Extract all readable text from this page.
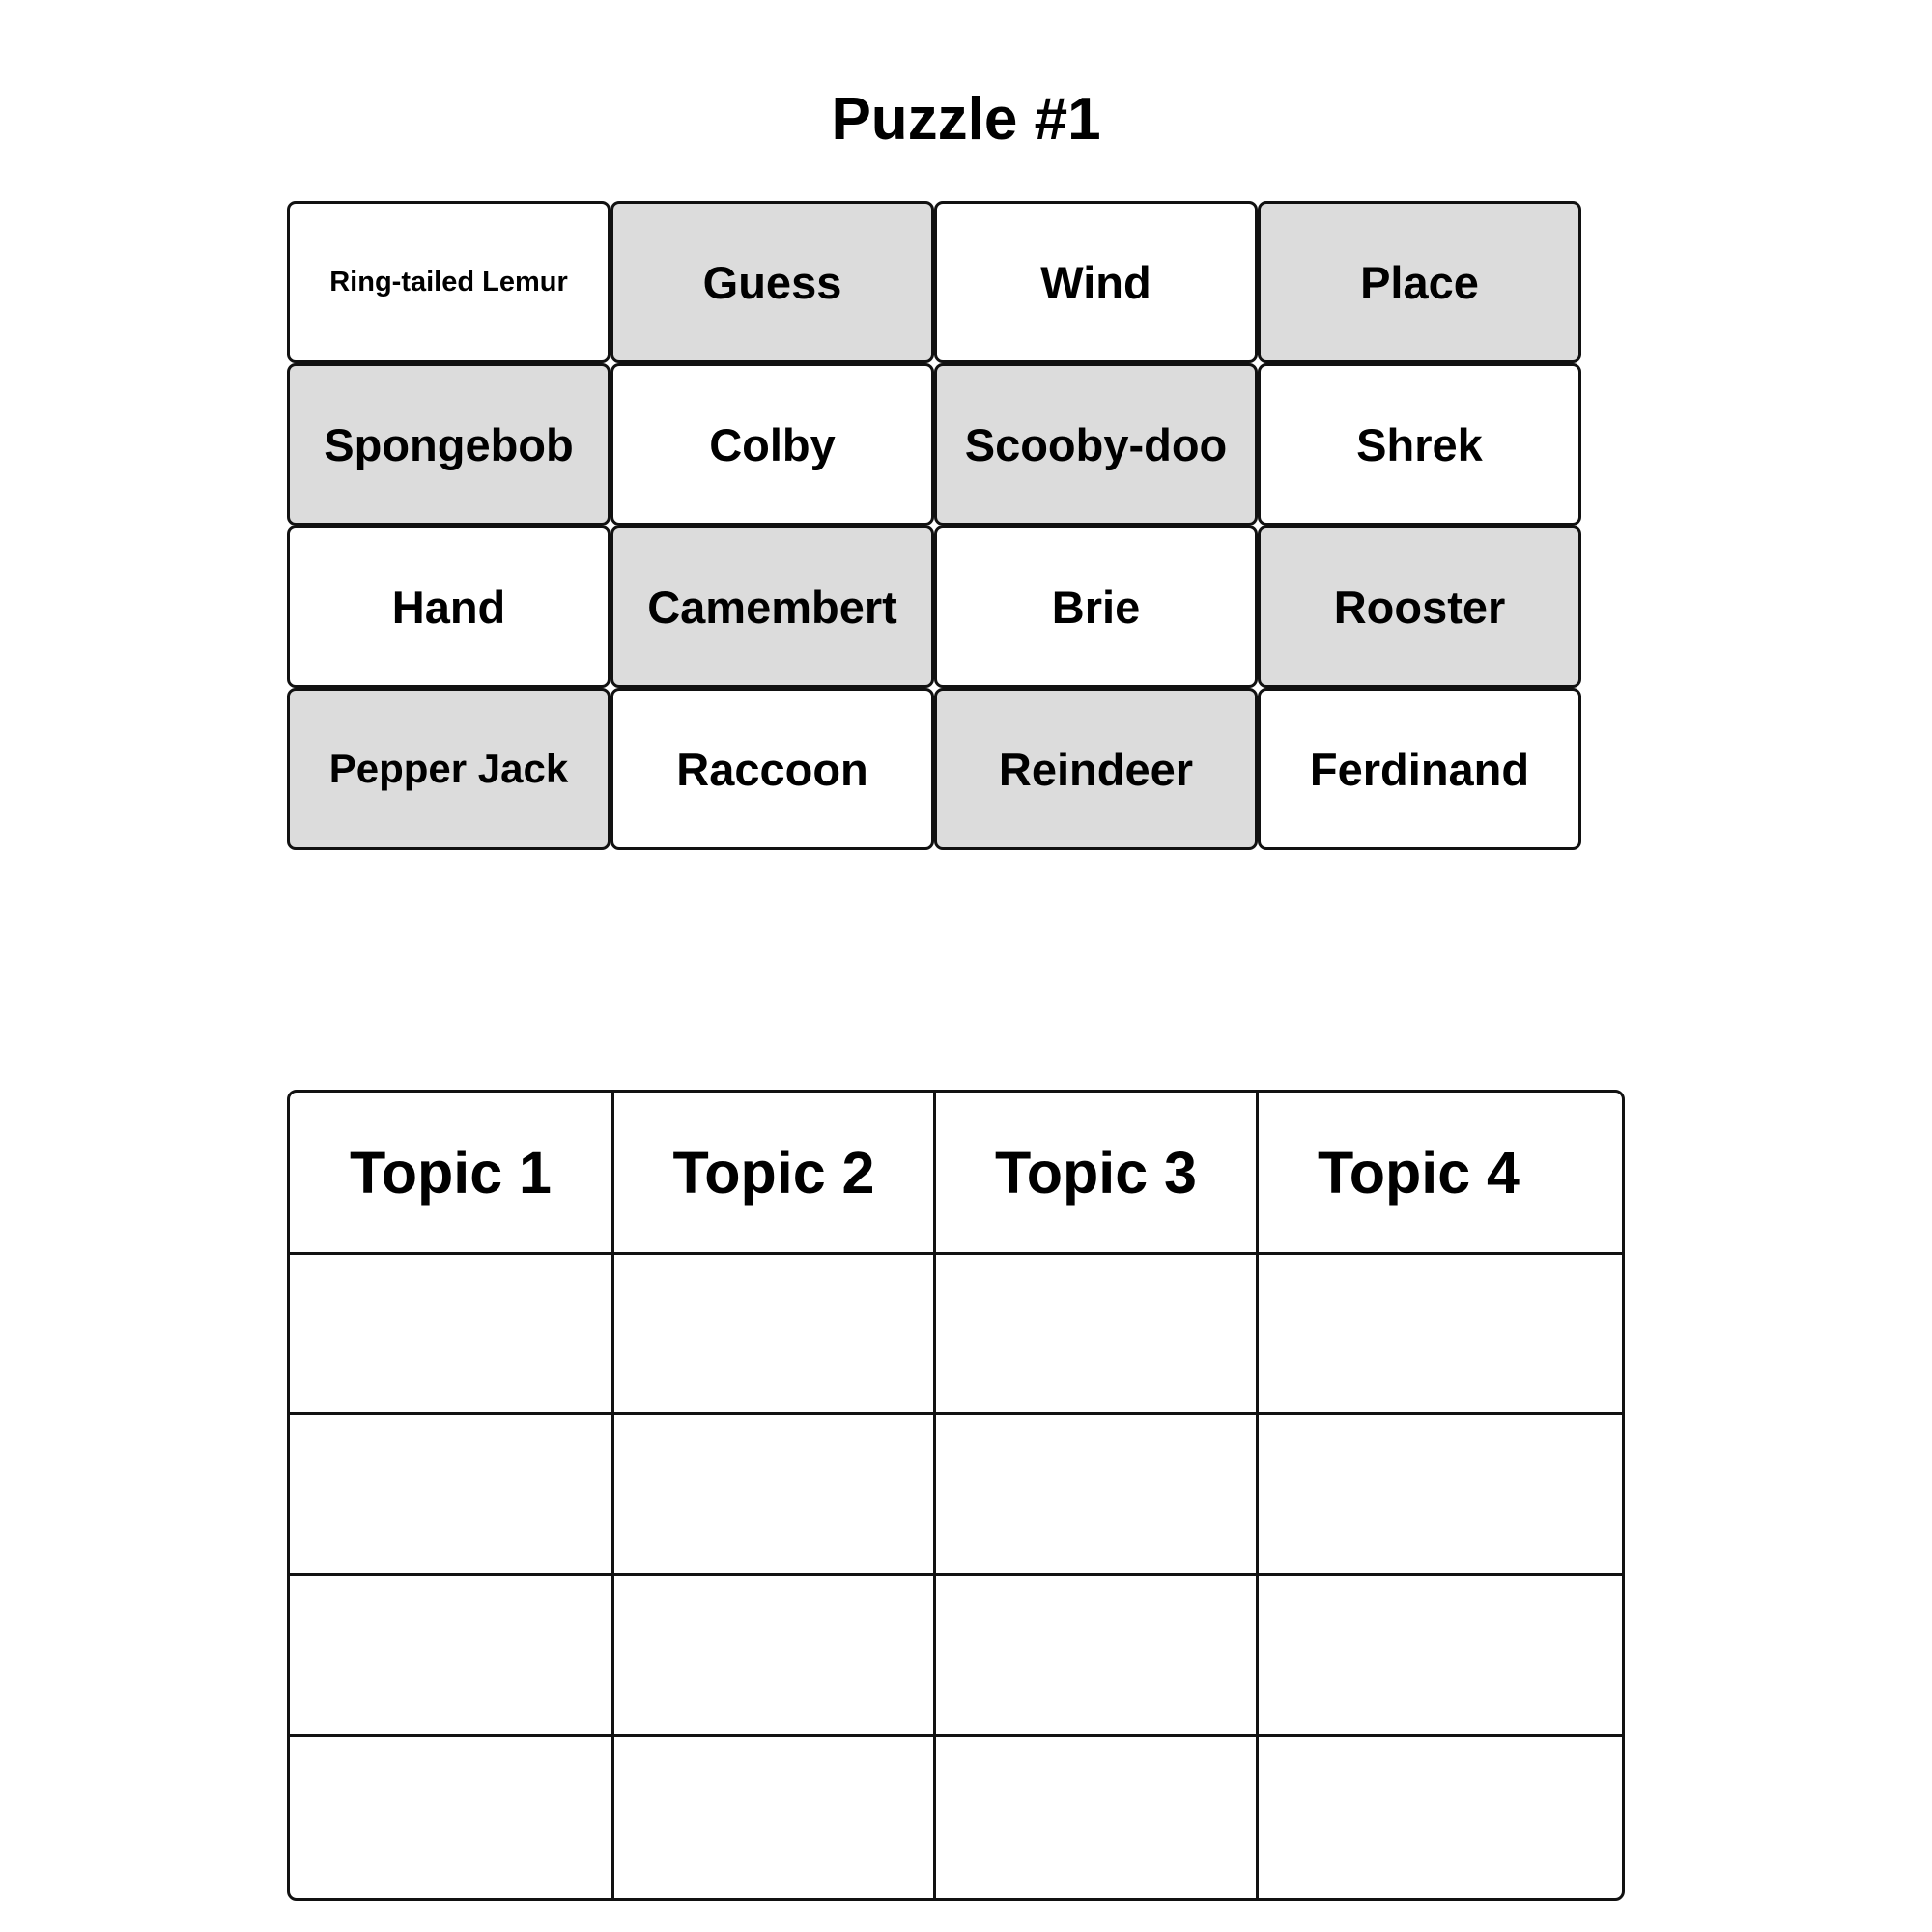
Puzzle #1
Ring-tailed Lemur	Guess	Wind	Place
Spongebob	Colby	Scooby-doo	Shrek
Hand	Camembert	Brie	Rooster
Pepper Jack	Raccoon	Reindeer	Ferdinand
Topic 1	Topic 2	Topic 3	Topic 4
